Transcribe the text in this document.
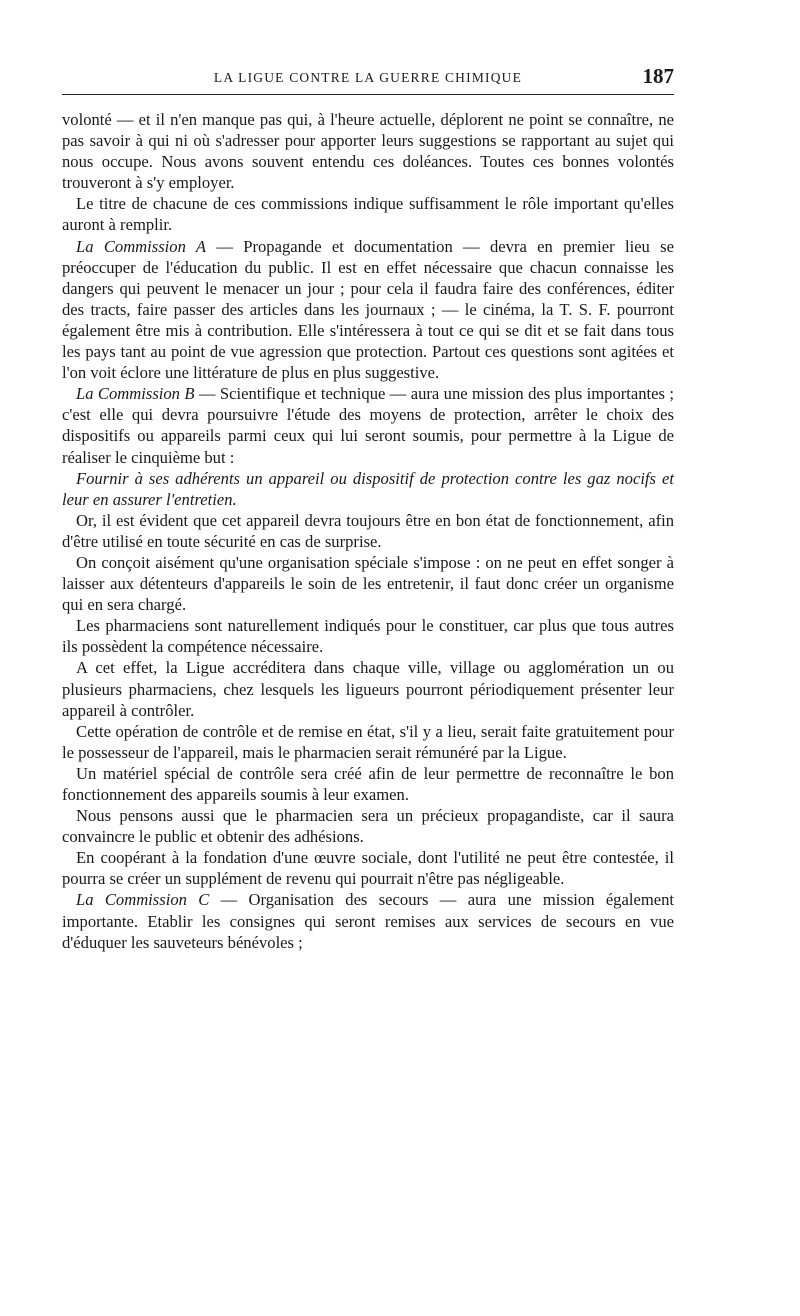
LA LIGUE CONTRE LA GUERRE CHIMIQUE	187

volonté — et il n'en manque pas qui, à l'heure actuelle, déplorent ne point se connaître, ne pas savoir à qui ni où s'adresser pour apporter leurs suggestions se rapportant au sujet qui nous occupe. Nous avons souvent entendu ces doléances. Toutes ces bonnes volontés trouveront à s'y employer.

Le titre de chacune de ces commissions indique suffisamment le rôle important qu'elles auront à remplir.

La Commission A — Propagande et documentation — devra en premier lieu se préoccuper de l'éducation du public. Il est en effet nécessaire que chacun connaisse les dangers qui peuvent le menacer un jour ; pour cela il faudra faire des conférences, éditer des tracts, faire passer des articles dans les journaux ; — le cinéma, la T. S. F. pourront également être mis à contribution. Elle s'intéressera à tout ce qui se dit et se fait dans tous les pays tant au point de vue agression que protection. Partout ces questions sont agitées et l'on voit éclore une littérature de plus en plus suggestive.

La Commission B — Scientifique et technique — aura une mission des plus importantes ; c'est elle qui devra poursuivre l'étude des moyens de protection, arrêter le choix des dispositifs ou appareils parmi ceux qui lui seront soumis, pour permettre à la Ligue de réaliser le cinquième but :

Fournir à ses adhérents un appareil ou dispositif de protection contre les gaz nocifs et leur en assurer l'entretien.

Or, il est évident que cet appareil devra toujours être en bon état de fonctionnement, afin d'être utilisé en toute sécurité en cas de surprise.

On conçoit aisément qu'une organisation spéciale s'impose : on ne peut en effet songer à laisser aux détenteurs d'appareils le soin de les entretenir, il faut donc créer un organisme qui en sera chargé.

Les pharmaciens sont naturellement indiqués pour le constituer, car plus que tous autres ils possèdent la compétence nécessaire.

A cet effet, la Ligue accréditera dans chaque ville, village ou agglomération un ou plusieurs pharmaciens, chez lesquels les ligueurs pourront périodiquement présenter leur appareil à contrôler.

Cette opération de contrôle et de remise en état, s'il y a lieu, serait faite gratuitement pour le possesseur de l'appareil, mais le pharmacien serait rémunéré par la Ligue.

Un matériel spécial de contrôle sera créé afin de leur permettre de reconnaître le bon fonctionnement des appareils soumis à leur examen.

Nous pensons aussi que le pharmacien sera un précieux propagandiste, car il saura convaincre le public et obtenir des adhésions.

En coopérant à la fondation d'une œuvre sociale, dont l'utilité ne peut être contestée, il pourra se créer un supplément de revenu qui pourrait n'être pas négligeable.

La Commission C — Organisation des secours — aura une mission également importante. Etablir les consignes qui seront remises aux services de secours en vue d'éduquer les sauveteurs bénévoles ;
